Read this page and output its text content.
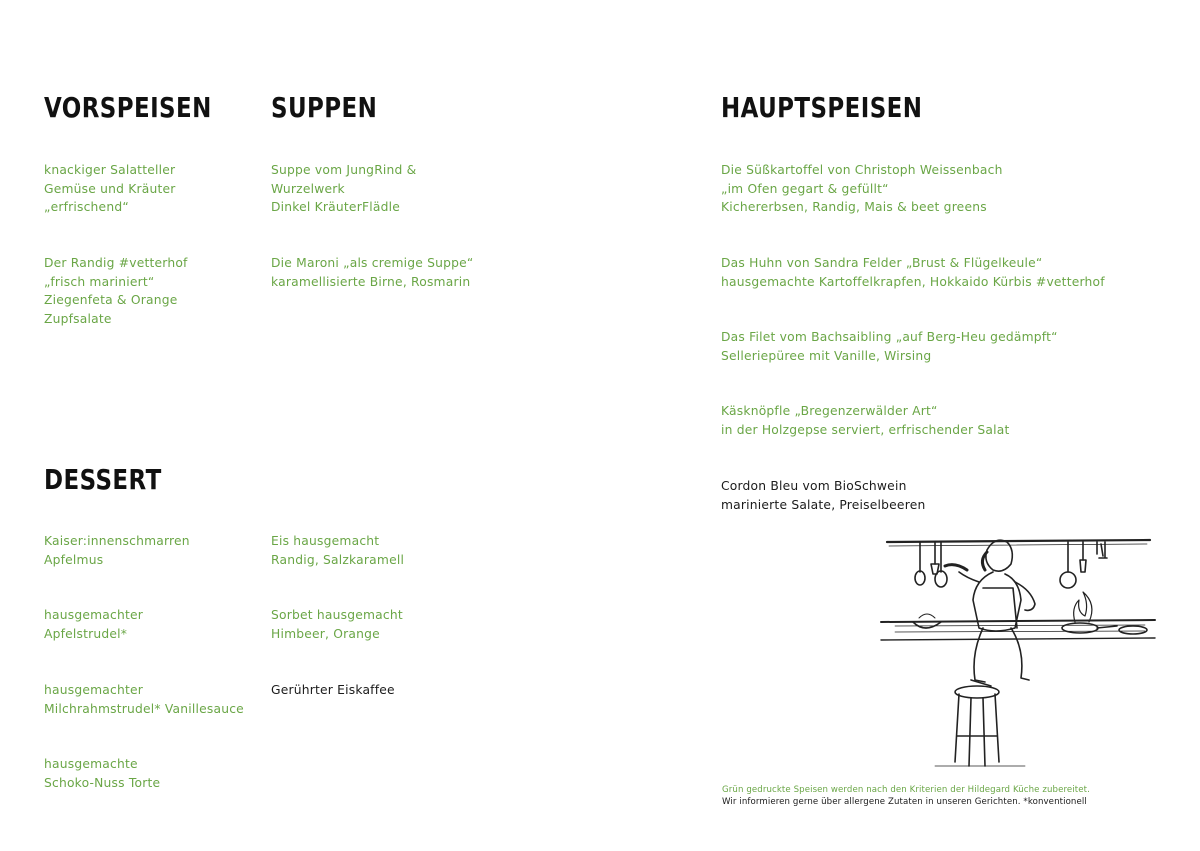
VORSPEISEN SUPPEN	HAUPTSPEISEN
DESSERT
knackiger Salatteller
Gemüse und Kräuter
„erfrischend“
Der Randig #vetterhof
„frisch mariniert“
Ziegenfeta & Orange
Zupfsalate
Suppe vom JungRind &
Wurzelwerk
Dinkel KräuterFlädle
Die Maroni „als cremige Suppe“
karamellisierte Birne, Rosmarin
Die Süßkartoffel von Christoph Weissenbach
„im Ofen gegart & gefüllt“
Kichererbsen, Randig, Mais & beet greens
Das Huhn von Sandra Felder „Brust & Flügelkeule“
hausgemachte Kartoffelkrapfen, Hokkaido Kürbis #vetterhof
Das Filet vom Bachsaibling „auf Berg-Heu gedämpft“
Selleriepüree mit Vanille, Wirsing
Käsknöpfle „Bregenzerwälder Art“
in der Holzgepse serviert, erfrischender Salat
Cordon Bleu vom BioSchwein
marinierte Salate, Preiselbeeren
Kaiser:innenschmarren
Apfelmus
hausgemachter
Apfelstrudel*
hausgemachter
Milchrahmstrudel* Vanillesauce
hausgemachte
Schoko-Nuss Torte
Eis hausgemacht
Randig, Salzkaramell
Sorbet hausgemacht
Himbeer, Orange
Gerührter Eiskaffee
Grün gedruckte Speisen werden nach den Kriterien der Hildegard Küche zubereitet.
Wir informieren gerne über allergene Zutaten in unseren Gerichten. *konventionell
